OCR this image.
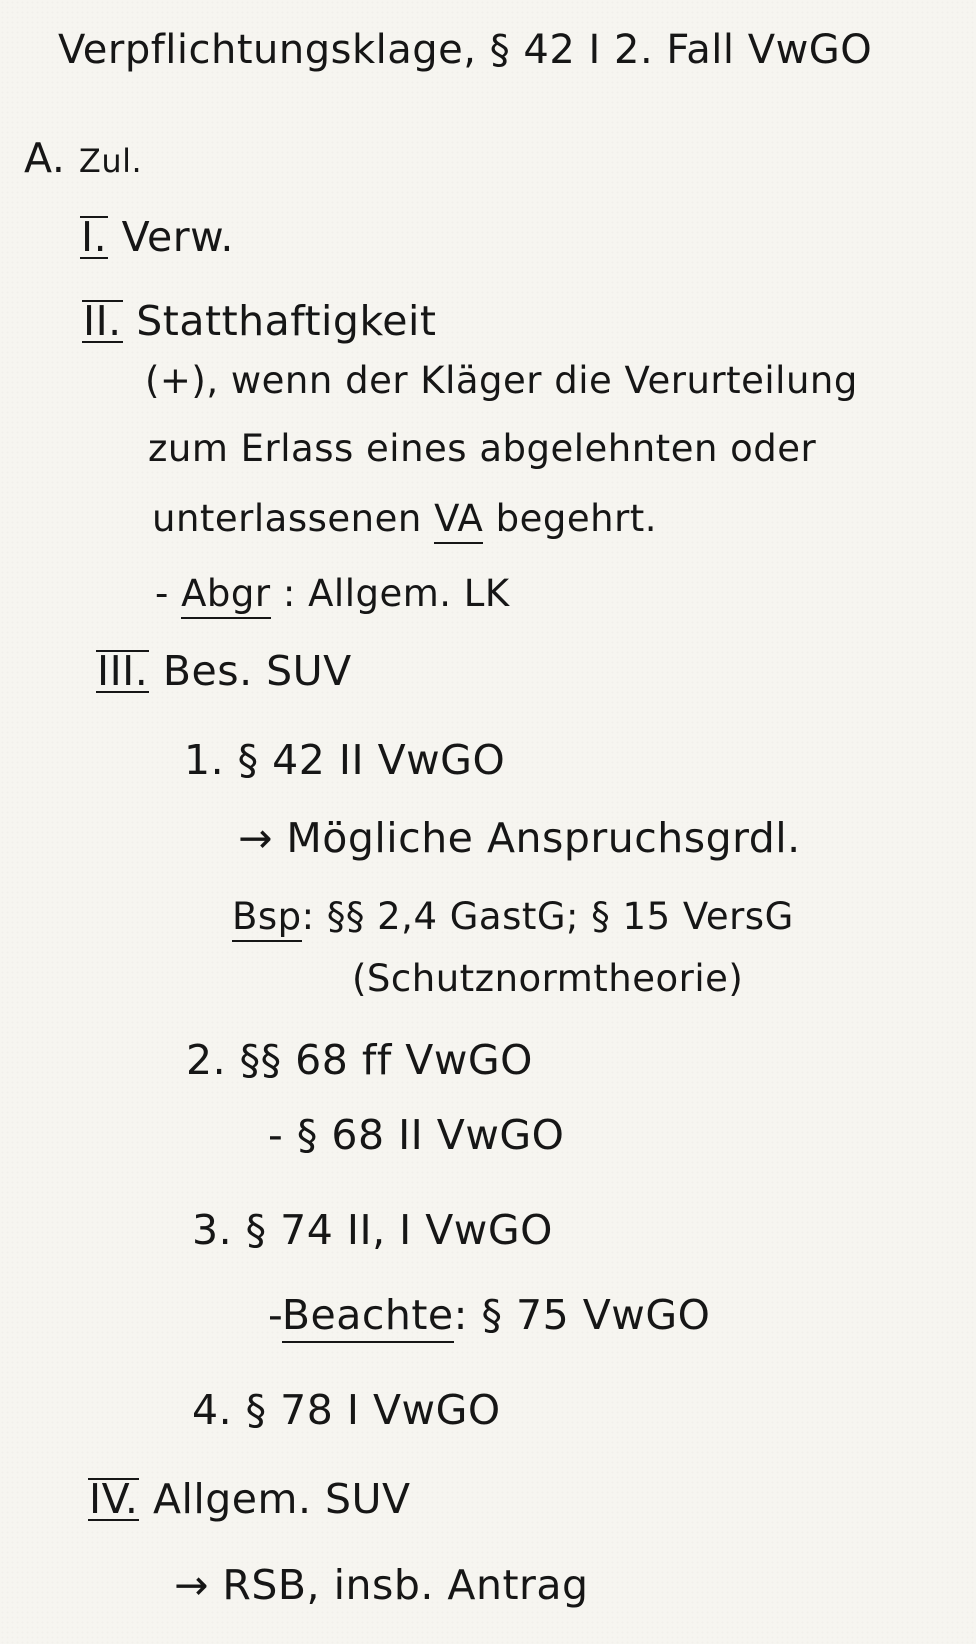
Verpflichtungsklage, § 42 I 2. Fall VwGO
A. Zul.
I. Verw.
II. Statthaftigkeit
(+), wenn der Kläger die Verurteilung
zum Erlass eines abgelehnten oder
unterlassenen VA begehrt.
- Abgr : Allgem. LK
III. Bes. SUV
1. § 42 II VwGO
→ Mögliche Anspruchsgrdl.
Bsp: §§ 2,4 GastG; § 15 VersG
(Schutznormtheorie)
2. §§ 68 ff VwGO
- § 68 II VwGO
3. § 74 II, I VwGO
-Beachte: § 75 VwGO
4. § 78 I VwGO
IV. Allgem. SUV
→ RSB, insb. Antrag
